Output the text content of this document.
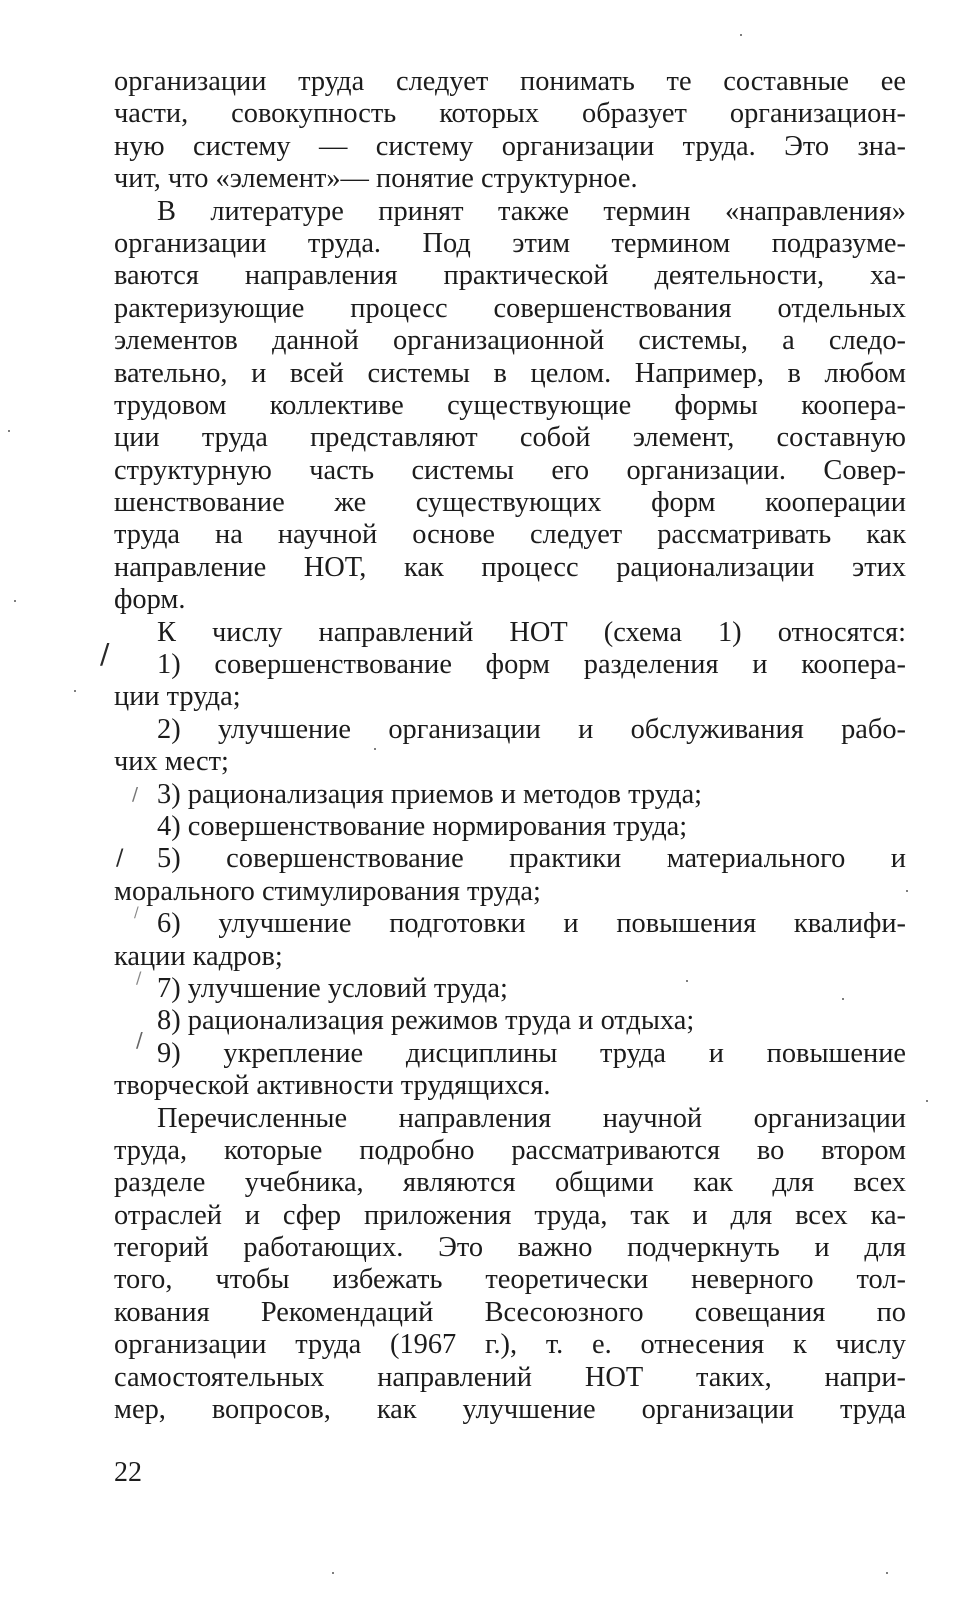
организации труда следует понимать те составные ее
части, совокупность которых образует организацион-
ную систему — систему организации труда. Это зна-
чит, что «элемент»— понятие структурное.
В литературе принят также термин «направления»
организации труда. Под этим термином подразуме-
ваются направления практической деятельности, ха-
рактеризующие процесс совершенствования отдельных
элементов данной организационной системы, а следо-
вательно, и всей системы в целом. Например, в любом
трудовом коллективе существующие формы коопера-
ции труда представляют собой элемент, составную
структурную часть системы его организации. Совер-
шенствование же существующих форм кооперации
труда на научной основе следует рассматривать как
направление НОТ, как процесс рационализации этих
форм.
К числу направлений НОТ (схема 1) относятся:
1) совершенствование форм разделения и коопера-
ции труда;
2) улучшение организации и обслуживания рабо-
чих мест;
3) рационализация приемов и методов труда;
4) совершенствование нормирования труда;
5) совершенствование практики материального и
морального стимулирования труда;
6) улучшение подготовки и повышения квалифи-
кации кадров;
7) улучшение условий труда;
8) рационализация режимов труда и отдыха;
9) укрепление дисциплины труда и повышение
творческой активности трудящихся.
Перечисленные направления научной организации
труда, которые подробно рассматриваются во втором
разделе учебника, являются общими как для всех
отраслей и сфер приложения труда, так и для всех ка-
тегорий работающих. Это важно подчеркнуть и для
того, чтобы избежать теоретически неверного тол-
кования Рекомендаций Всесоюзного совещания по
организации труда (1967 г.), т. е. отнесения к числу
самостоятельных направлений НОТ таких, напри-
мер, вопросов, как улучшение организации труда
22
/
/
/
/
/
/
